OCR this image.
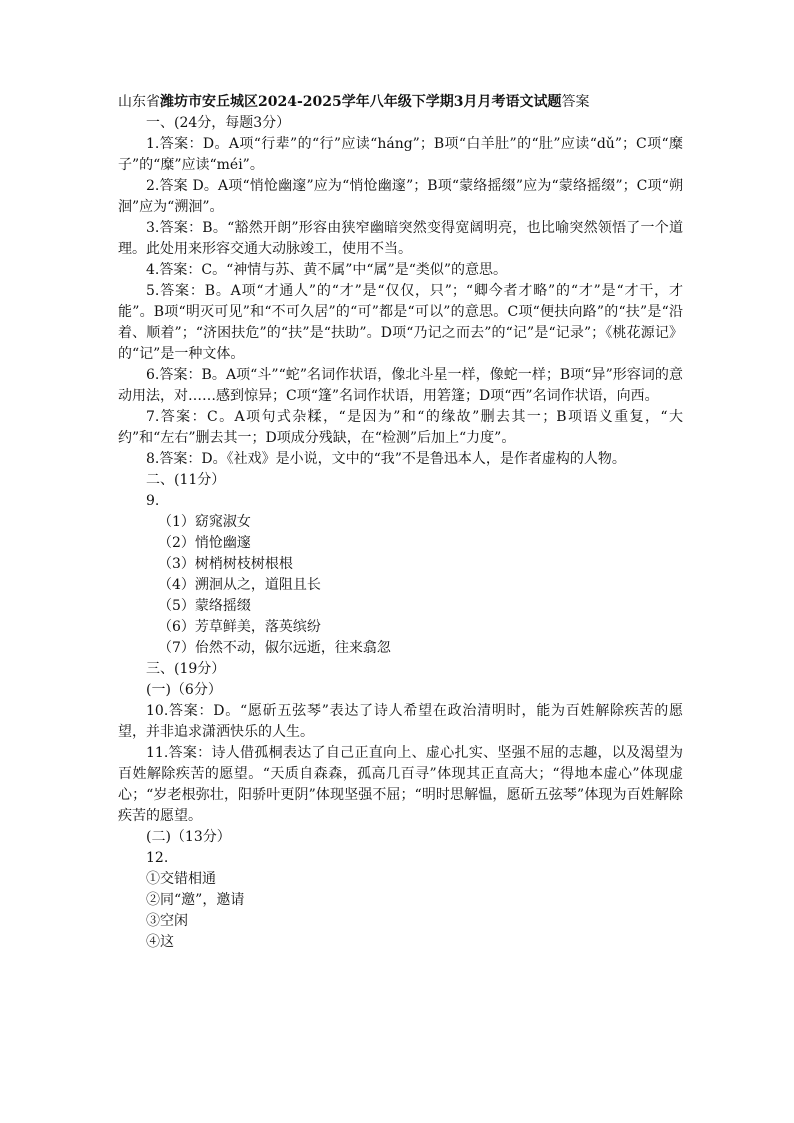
山东省潍坊市安丘城区2024-2025学年八年级下学期3月月考语文试题答案
一、(24分，每题3分）
1.答案：D。A项“行辈”的“行”应读“háng”；B项“白羊肚”的“肚”应读“dǔ”；C项“糜子”的“糜”应读“méi”。
2.答案 D。A项“悄怆幽邃”应为“悄怆幽邃”；B项“蒙络摇缀”应为“蒙络摇缀”；C项“朔洄”应为“溯洄”。
3.答案：B。“豁然开朗”形容由狭窄幽暗突然变得宽阔明亮，也比喻突然领悟了一个道理。此处用来形容交通大动脉竣工，使用不当。
4.答案：C。“神情与苏、黄不属”中“属”是“类似”的意思。
5.答案：B。A项“才通人”的“才”是“仅仅，只”；“卿今者才略”的“才”是“才干，才能”。B项“明灭可见”和“不可久居”的“可”都是“可以”的意思。C项“便扶向路”的“扶”是“沿着、顺着”；“济困扶危”的“扶”是“扶助”。D项“乃记之而去”的“记”是“记录”；《桃花源记》的“记”是一种文体。
6.答案：B。A项“斗”“蛇”名词作状语，像北斗星一样，像蛇一样；B项“异”形容词的意动用法，对……感到惊异；C项“篷”名词作状语，用箬篷；D项“西”名词作状语，向西。
7.答案：C。A项句式杂糅，“是因为”和“的缘故”删去其一；B项语义重复，“大约”和“左右”删去其一；D项成分残缺，在“检测”后加上“力度”。
8.答案：D。《社戏》是小说，文中的“我”不是鲁迅本人，是作者虚构的人物。
二、(11分）
9.
（1）窈窕淑女
（2）悄怆幽邃
（3）树梢树枝树根根
（4）溯洄从之，道阻且长
（5）蒙络摇缀
（6）芳草鲜美，落英缤纷
（7）佁然不动，俶尔远逝，往来翕忽
三、(19分）
(一)（6分）
10.答案：D。“愿斫五弦琴”表达了诗人希望在政治清明时，能为百姓解除疾苦的愿望，并非追求潇洒快乐的人生。
11.答案：诗人借孤桐表达了自己正直向上、虚心扎实、坚强不屈的志趣，以及渴望为百姓解除疾苦的愿望。“天质自森森，孤高几百寻”体现其正直高大；“得地本虚心”体现虚心；“岁老根弥壮，阳骄叶更阴”体现坚强不屈；“明时思解愠，愿斫五弦琴”体现为百姓解除疾苦的愿望。
(二)（13分）
12.
①交错相通
②同“邀”，邀请
③空闲
④这
